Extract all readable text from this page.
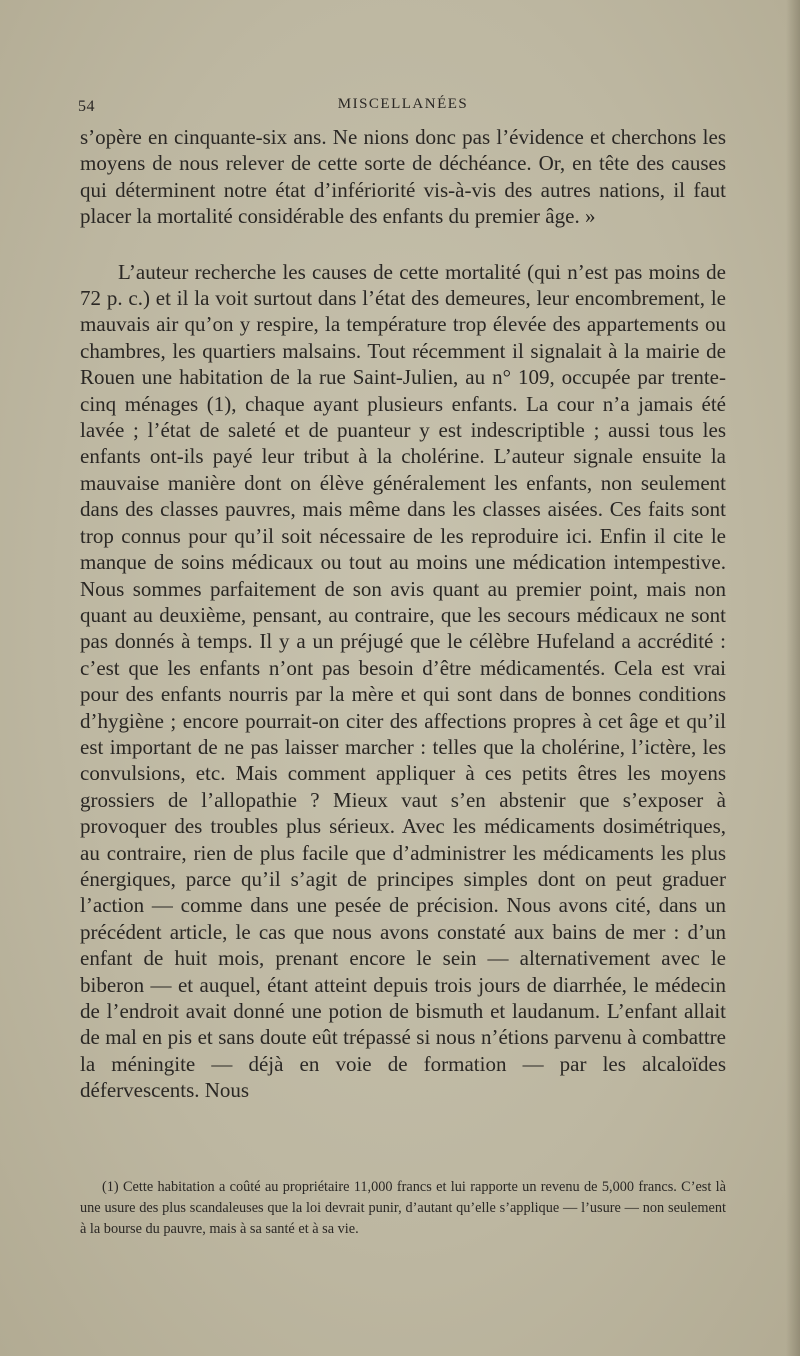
54	MISCELLANÉES

s’opère en cinquante-six ans. Ne nions donc pas l’évidence et cherchons les moyens de nous relever de cette sorte de déchéance. Or, en tête des causes qui déterminent notre état d’infériorité vis-à-vis des autres nations, il faut placer la mortalité considérable des enfants du premier âge. »

L’auteur recherche les causes de cette mortalité (qui n’est pas moins de 72 p. c.) et il la voit surtout dans l’état des demeures, leur encombrement, le mauvais air qu’on y respire, la température trop élevée des appartements ou chambres, les quartiers malsains. Tout récemment il signalait à la mairie de Rouen une habitation de la rue Saint-Julien, au n° 109, occupée par trente-cinq ménages (1), chaque ayant plusieurs enfants. La cour n’a jamais été lavée ; l’état de saleté et de puanteur y est indescriptible ; aussi tous les enfants ont-ils payé leur tribut à la cholérine. L’auteur signale ensuite la mauvaise manière dont on élève généralement les enfants, non seulement dans des classes pauvres, mais même dans les classes aisées. Ces faits sont trop connus pour qu’il soit nécessaire de les reproduire ici. Enfin il cite le manque de soins médicaux ou tout au moins une médication intempestive. Nous sommes parfaitement de son avis quant au premier point, mais non quant au deuxième, pensant, au contraire, que les secours médicaux ne sont pas donnés à temps. Il y a un préjugé que le célèbre Hufeland a accrédité : c’est que les enfants n’ont pas besoin d’être médicamentés. Cela est vrai pour des enfants nourris par la mère et qui sont dans de bonnes conditions d’hygiène ; encore pourrait-on citer des affections propres à cet âge et qu’il est important de ne pas laisser marcher : telles que la cholérine, l’ictère, les convulsions, etc. Mais comment appliquer à ces petits êtres les moyens grossiers de l’allopathie ? Mieux vaut s’en abstenir que s’exposer à provoquer des troubles plus sérieux. Avec les médicaments dosimétriques, au contraire, rien de plus facile que d’administrer les médicaments les plus énergiques, parce qu’il s’agit de principes simples dont on peut graduer l’action — comme dans une pesée de précision. Nous avons cité, dans un précédent article, le cas que nous avons constaté aux bains de mer : d’un enfant de huit mois, prenant encore le sein — alternativement avec le biberon — et auquel, étant atteint depuis trois jours de diarrhée, le médecin de l’endroit avait donné une potion de bismuth et laudanum. L’enfant allait de mal en pis et sans doute eût trépassé si nous n’étions parvenu à combattre la méningite — déjà en voie de formation — par les alcaloïdes défervescents. Nous

(1) Cette habitation a coûté au propriétaire 11,000 francs et lui rapporte un revenu de 5,000 francs. C’est là une usure des plus scandaleuses que la loi devrait punir, d’autant qu’elle s’applique — l’usure — non seulement à la bourse du pauvre, mais à sa santé et à sa vie.
